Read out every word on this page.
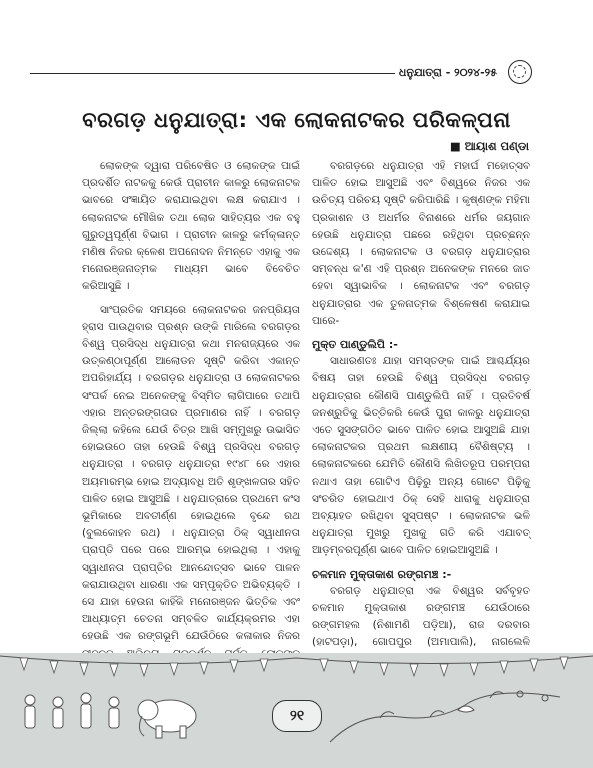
ଧନୁଯାତ୍ରା - ୨୦୨୪-୨୫
ବରଗଡ଼ ଧନୁଯାତ୍ରା: ଏକ ଲୋକନାଟକର ପରିକଳ୍ପନା
■ ଆୟାଶ ପଣ୍ଡା

ଲୋକଙ୍କ ଦ୍ୱାରା ପରିବେଷିତ ଓ ଲୋକଙ୍କ ପାଇଁ ପ୍ରଦର୍ଶିତ ନାଟକକୁ କେଉଁ ପ୍ରାଚୀନ କାଳରୁ ଲୋକନାଟକ ଭାବରେ ସଂଜ୍ଞାୟିତ କରାଯାଇଥିବା ଲକ୍ଷ କରାଯାଏ । ଲୋକନାଟକ ମୌଖିକ ତଥା ଲୋକ ସାହିତ୍ୟର ଏକ ବହୁ ଗୁରୁତ୍ୱପୂର୍ଣ୍ଣ ବିଭାଗ । ପ୍ରାଚୀନ କାଳରୁ କର୍ମକ୍ଳାନ୍ତ ମଣିଷ ନିଜର କ୍ଳେଶ ଅପନୋଦନ ନିମନ୍ତେ ଏହାକୁ ଏକ ମନୋରଞ୍ଜନାତ୍ମକ ମାଧ୍ୟମ ଭାବେ ବିବେଚିତ କରିଆସୁଛି ।

ସାଂପ୍ରତିକ ସମୟରେ ଲୋକନାଟକର ଜନପ୍ରିୟତା ହ୍ରାସ ପାଉଥିବାର ପ୍ରଶ୍ନ ଉଙ୍କି ମାରିଲେ ବରଗଡ଼ର ବିଶ୍ୱ ପ୍ରସିଦ୍ଧ ଧନୁଯାତ୍ରା କଥା ମନରାଜ୍ୟରେ ଏକ ଉତ୍କଣ୍ଠାପୂର୍ଣ୍ଣ ଆଲୋଡନ ସୃଷ୍ଟି କରିବା ଏକାନ୍ତ ଅପରିହାର୍ଯ୍ୟ । ବରଗଡ଼ର ଧନୁଯାତ୍ରା ଓ ଲୋକନାଟକର ସଂପର୍କ ନେଇ ଅନେକଙ୍କୁ ବିସ୍ମିତ ଲାଗିପାରେ ତଥାପି ଏହାର ଅନ୍ତରଙ୍ଗତାର ପ୍ରମାଣର ନାହିଁ । ବରଗଡ଼ ଜିଲ୍ଲା କହିଲେ ଯେଉଁ ଚିତ୍ର ଆଖି ସମ୍ମୁଖରୁ ଉଭାସିତ ହୋଇଉଠେ ତାହା ହେଉଛି ବିଶ୍ୱ ପ୍ରସିଦ୍ଧ ବରଗଡ଼ ଧନୁଯାତ୍ରା । ବରଗଡ଼ ଧନୁଯାତ୍ରା ୧୯୪୮ ରେ ଏହାର ଅୟମାରମ୍ଭ ହୋଇ ଅଦ୍ୟାବଧି ଅତି ଶୃଙ୍ଖଳତାର ସହିତ ପାଳିତ ହୋଇ ଆସୁଅଛି । ଧନୁଯାତ୍ରାରେ ପ୍ରଥମେ କଂସ ଭୂମିକାରେ ଅବତୀର୍ଣ୍ଣ ହୋଇଥିଲେ ବୃନ୍ଦେ ରଥ (ବୁଲକୋହନ ରଥ) । ଧନୁଯାତ୍ରା ଠିକ୍ ସ୍ୱାଧୀନତା ପ୍ରାପ୍ତି ପରେ ପରେ ଆରମ୍ଭ ହୋଇଥିଲା । ଏହାକୁ ସ୍ୱାଧୀନତା ପ୍ରାପ୍ତିର ଆନନ୍ଦୋତ୍ସବ ଭାବେ ପାଳନ କରାଯାଉଥିବା ଧାରଣା ଏକ ସମ୍ପୃକ୍ତିତ ଅଭିବ୍ୟକ୍ତି । ସେ ଯାହା ହେଉନା କାହିଁକି ମନୋରଞ୍ଜନ ଭିତ୍ତିକ ଏବଂ ଆଧ୍ୟାତ୍ମ ଚେତନା ସମ୍ବଳିତ କାର୍ଯ୍ୟକ୍ରମର ଏହା ହେଉଛି ଏକ ରଙ୍ଗଭୂମି ଯେଉଁଠିରେ କଳାକାର ନିଜର

ବରଗଡ଼ରେ ଧନୁଯାତ୍ରା ଏହି ମହାର୍ଘ ମହୋତ୍ସବ ପାଳିତ ହୋଇ ଆସୁଅଛି ଏବଂ ବିଶ୍ୱରେ ନିଜର ଏକ ଉଚିତ୍ୟ ପରିଚୟ ସୃଷ୍ଟି କରିପାରିଛି । କୃଷ୍ଣଙ୍କ ମହିମା ପ୍ରକାଶନ ଓ ଅଧର୍ମର ବିନାଶରେ ଧର୍ମର ଜୟଗାନ ହେଉଛି ଧନୁଯାତ୍ରା ପଛରେ ରହିଥିବା ପ୍ରଚ୍ଛନ୍ନ ଉଦ୍ଦେଶ୍ୟ । ଲୋକନାଟକ ଓ ବରଗଡ଼ ଧନୁଯାତ୍ରାର ସମ୍ବନ୍ଧ କ'ଣ ଏହି ପ୍ରଶ୍ନ ଅନେକଙ୍କ ମନରେ ଜାତ ହେବା ସ୍ୱାଭାବିକ । ଲୋକନାଟକ ଏବଂ ବରଗଡ଼ ଧନୁଯାତ୍ରାର ଏକ ତୁଳନାତ୍ମକ ବିଶ୍ଳେଷଣ କରାଯାଇ ପାରେ-

ମୁକ୍ତ ପାଣ୍ଡୁଲିପି :-

ସାଧାରଣତଃ ଯାହା ସମସ୍ତଙ୍କ ପାଇଁ ଆଶ୍ଚର୍ଯ୍ୟର ବିଷୟ ତାହା ହେଉଛି ବିଶ୍ୱ ପ୍ରସିଦ୍ଧ ବରଗଡ଼ ଧନୁଯାତ୍ରାର କୌଣସି ପାଣ୍ଡୁଲିପି ନାହିଁ । ପ୍ରତିବର୍ଷ ଜନଶ୍ରୁତିକୁ ଭିତ୍ତିକରି କେଉଁ ପୁରା କାଳରୁ ଧନୁଯାତ୍ରା ଏତେ ସୁସଙ୍ଗଠିତ ଭାବେ ପାଳିତ ହୋଇ ଆସୁଅଛି ଯାହା ଲୋକନାଟକର ପ୍ରଥମ ଲକ୍ଷଣୀୟ ବୈଶିଷ୍ଟ୍ୟ । ଲୋକନାଟକରେ ଯେମିତି କୌଣସି ଲିଖିତରୂପ ପରମ୍ପରା ନଥାଏ ତାହା ଗୋଟିଏ ପିଢ଼ିରୁ ଅନ୍ୟ ଗୋଟେ ପିଢ଼ିକୁ ସଂଚରିତ ହୋଇଥାଏ ଠିକ୍ ସେହି ଧାରାକୁ ଧନୁଯାତ୍ରା ଅବ୍ୟାହତ ରଖିଥିବା ସୁସ୍ପଷ୍ଟ । ଲୋକନାଟକ ଭଳି ଧନୁଯାତ୍ରା ମୁଖରୁ ମୁଖକୁ ଗତି କରି ଏଯାବତ୍ ଆଡ଼ମ୍ବରପୂର୍ଣ୍ଣ ଭାବେ ପାଳିତ ହୋଇଆସୁଅଛି ।

ଚଳମାନ ମୁକ୍ତାକାଶ ରଙ୍ଗମଞ୍ଚ :-

ବରଗଡ଼ ଧନୁଯାତ୍ରା ଏକ ବିଶ୍ୱର ସର୍ବବୃହତ ଚଳମାନ ମୁକ୍ତାକାଶ ରଙ୍ଗମଞ୍ଚ ଯେଉଁଠାରେ ରଙ୍ଗମହଲ (ନିଶାମଣି ପଡ଼ିଆ), ରାଜ ଦରବାର (ହାଟପଡ଼ା), ଗୋପପୁର (ଅମାପାଲି), ନାଗଲେଳି

୨୧
